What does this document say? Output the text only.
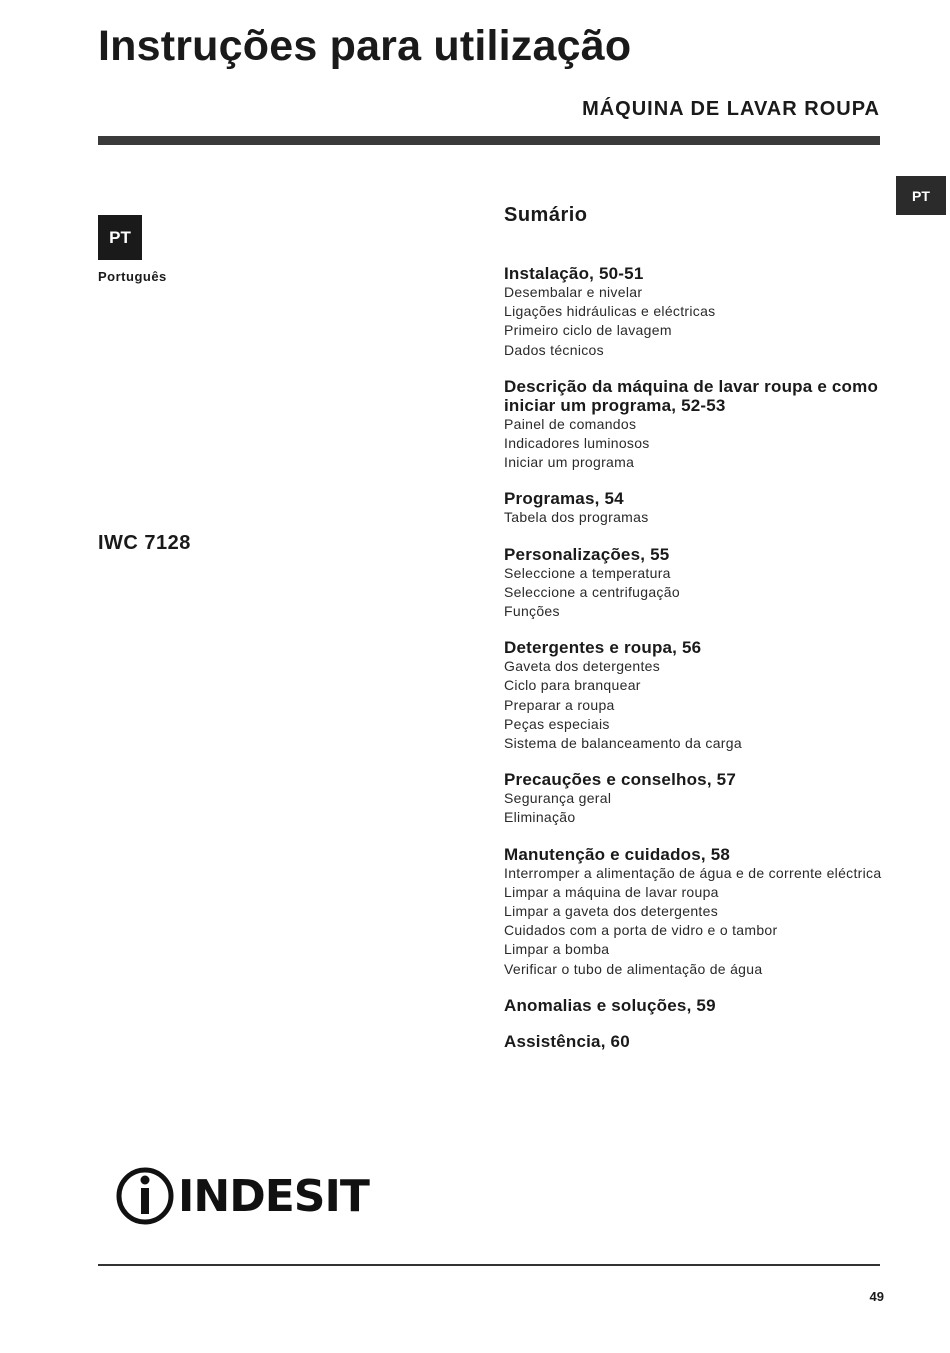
Instruções para utilização
MÁQUINA DE LAVAR ROUPA
PT
PT
Português
IWC 7128
Sumário
Instalação, 50-51
Desembalar e nivelar
Ligações hidráulicas e eléctricas
Primeiro ciclo de lavagem
Dados técnicos
Descrição da máquina de lavar roupa e como iniciar um programa, 52-53
Painel de comandos
Indicadores luminosos
Iniciar um programa
Programas, 54
Tabela dos programas
Personalizações, 55
Seleccione a temperatura
Seleccione a centrifugação
Funções
Detergentes e roupa, 56
Gaveta dos detergentes
Ciclo para branquear
Preparar a roupa
Peças especiais
Sistema de balanceamento da carga
Precauções e conselhos, 57
Segurança geral
Eliminação
Manutenção e cuidados, 58
Interromper a alimentação de água e de corrente eléctrica
Limpar a máquina de lavar roupa
Limpar a gaveta dos detergentes
Cuidados com a porta de vidro e o tambor
Limpar a bomba
Verificar o tubo de alimentação de água
Anomalias e soluções, 59
Assistência, 60
INDESIT
49
